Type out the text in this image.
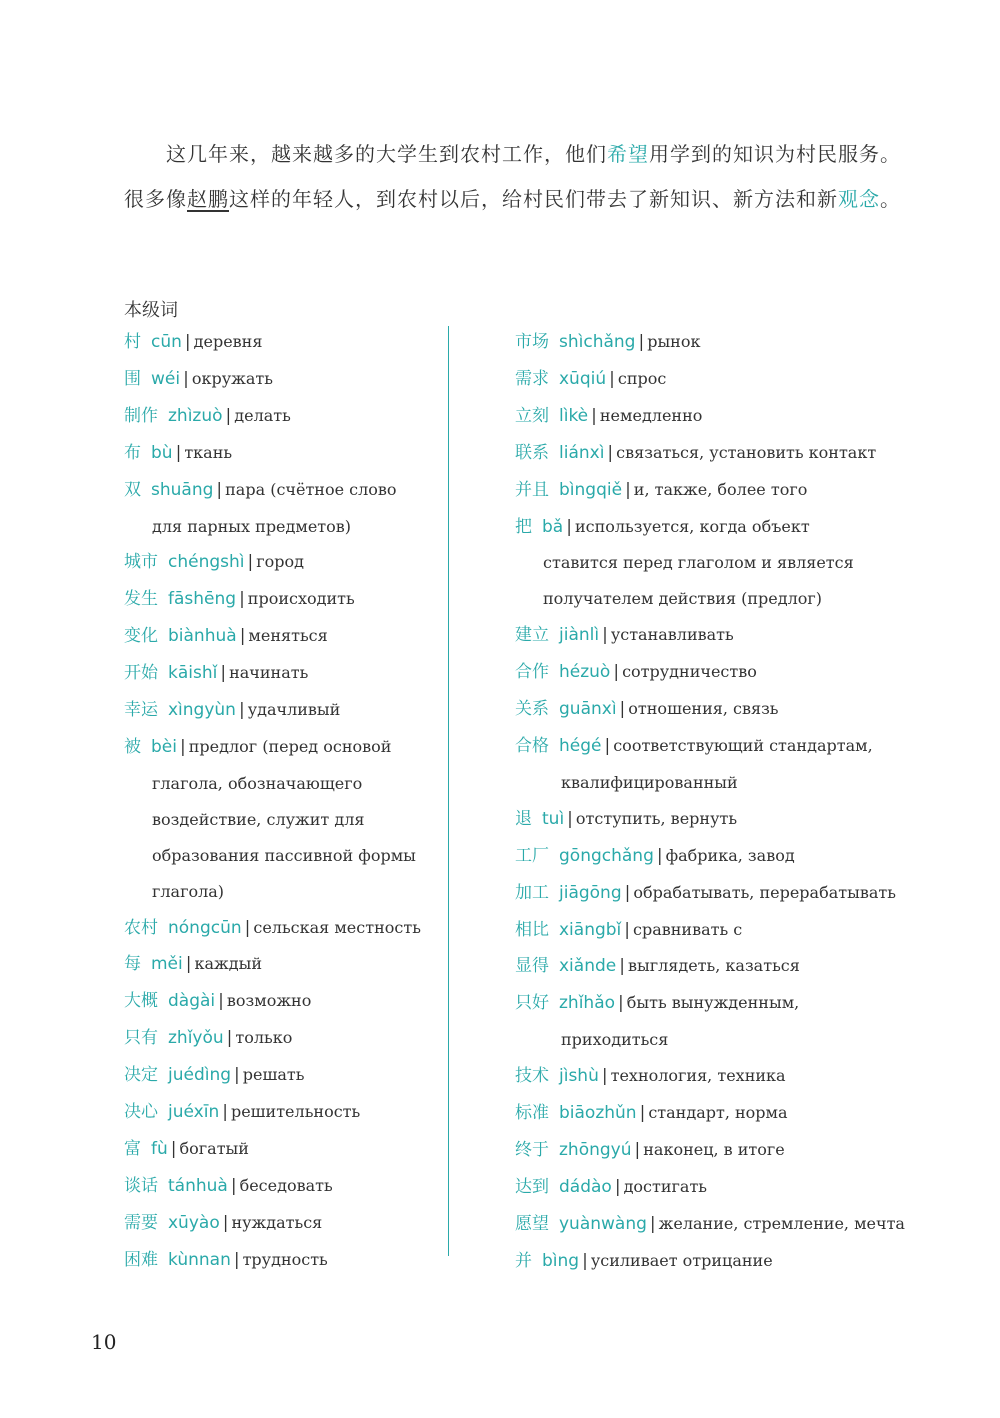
这几年来，越来越多的大学生到农村工作，他们希望用学到的知识为村民服务。很多像赵鹏这样的年轻人，到农村以后，给村民们带去了新知识、新方法和新观念。

本级词
村 cūn | деревня
围 wéi | окружать
制作 zhìzuò | делать
布 bù | ткань
双 shuāng | пара (счётное слово
для парных предметов)
城市 chéngshì | город
发生 fāshēng | происходить
变化 biànhuà | меняться
开始 kāishǐ | начинать
幸运 xìngyùn | удачливый
被 bèi | предлог (перед основой
глагола, обозначающего
воздействие, служит для
образования пассивной формы
глагола)
农村 nóngcūn | сельская местность
每 měi | каждый
大概 dàgài | возможно
只有 zhǐyǒu | только
决定 juédìng | решать
决心 juéxīn | решительность
富 fù | богатый
谈话 tánhuà | беседовать
需要 xūyào | нуждаться
困难 kùnnan | трудность
市场 shìchǎng | рынок
需求 xūqiú | спрос
立刻 lìkè | немедленно
联系 liánxì | связаться, установить контакт
并且 bìngqiě | и, также, более того
把 bǎ | используется, когда объект
ставится перед глаголом и является
получателем действия (предлог)
建立 jiànlì | устанавливать
合作 hézuò | сотрудничество
关系 guānxì | отношения, связь
合格 hégé | соответствующий стандартам,
квалифицированный
退 tuì | отступить, вернуть
工厂 gōngchǎng | фабрика, завод
加工 jiāgōng | обрабатывать, перерабатывать
相比 xiāngbǐ | сравнивать с
显得 xiǎnde | выглядеть, казаться
只好 zhǐhǎo | быть вынужденным,
приходиться
技术 jìshù | технология, техника
标准 biāozhǔn | стандарт, норма
终于 zhōngyú | наконец, в итоге
达到 dádào | достигать
愿望 yuànwàng | желание, стремление, мечта
并 bìng | усиливает отрицание
10
